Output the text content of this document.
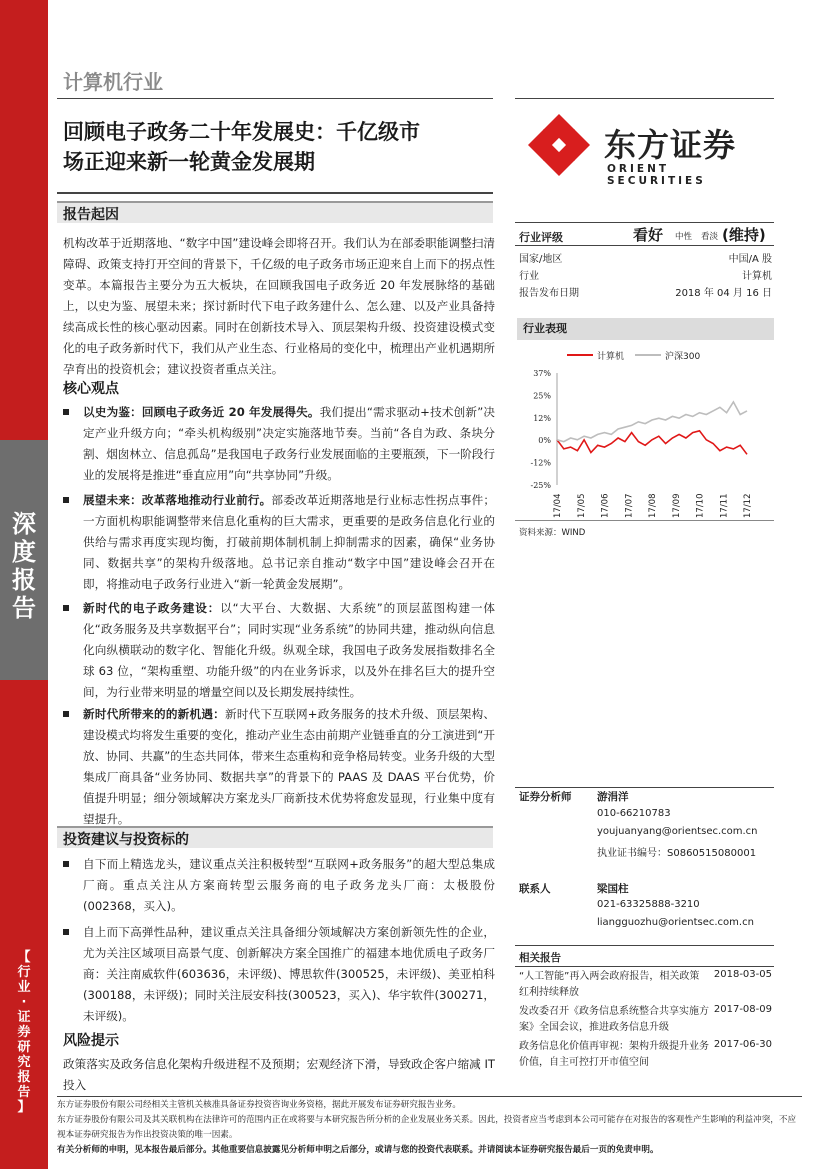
深
度
报
告
【
行
业
·
证
券
研
究
报
告
】
计算机行业
回顾电子政务二十年发展史：千亿级市
场正迎来新一轮黄金发展期	东方证券
ORIENT SECURITIES
报告起因
机构改革于近期落地、“数字中国”建设峰会即将召开。我们认为在部委职能调整扫清障碍、政策支持打开空间的背景下，千亿级的电子政务市场正迎来自上而下的拐点性变革。本篇报告主要分为五大板块，在回顾我国电子政务近 20 年发展脉络的基础上，以史为鉴、展望未来；探讨新时代下电子政务建什么、怎么建、以及产业具备持续高成长性的核心驱动因素。同时在创新技术导入、顶层架构升级、投资建设模式变化的电子政务新时代下，我们从产业生态、行业格局的变化中，梳理出产业机遇期所孕育出的投资机会；建议投资者重点关注。
核心观点
以史为鉴：回顾电子政务近 20 年发展得失。我们提出“需求驱动+技术创新”决定产业升级方向；“牵头机构级别”决定实施落地节奏。当前“各自为政、条块分割、烟囱林立、信息孤岛”是我国电子政务行业发展面临的主要瓶颈，下一阶段行业的发展将是推进“垂直应用”向“共享协同”升级。
展望未来：改革落地推动行业前行。部委改革近期落地是行业标志性拐点事件；一方面机构职能调整带来信息化重构的巨大需求，更重要的是政务信息化行业的供给与需求再度实现均衡，打破前期体制机制上抑制需求的因素，确保“业务协同、数据共享”的架构升级落地。总书记亲自推动“数字中国”建设峰会召开在即，将推动电子政务行业进入“新一轮黄金发展期”。
新时代的电子政务建设：以“大平台、大数据、大系统”的顶层蓝图构建一体化“政务服务及共享数据平台”；同时实现“业务系统”的协同共建，推动纵向信息化向纵横联动的数字化、智能化升级。纵观全球，我国电子政务发展指数排名全球 63 位，“架构重塑、功能升级”的内在业务诉求，以及外在排名巨大的提升空间，为行业带来明显的增量空间以及长期发展持续性。
新时代所带来的的新机遇：新时代下互联网+政务服务的技术升级、顶层架构、建设模式均将发生重要的变化，推动产业生态由前期产业链垂直的分工演进到“开放、协同、共赢”的生态共同体，带来生态重构和竞争格局转变。业务升级的大型集成厂商具备“业务协同、数据共享”的背景下的 PAAS 及 DAAS 平台优势，价值提升明显；细分领域解决方案龙头厂商新技术优势将愈发显现，行业集中度有望提升。
投资建议与投资标的
自下而上精选龙头，建议重点关注积极转型“互联网+政务服务”的超大型总集成厂商。重点关注从方案商转型云服务商的电子政务龙头厂商：太极股份(002368，买入)。
自上而下高弹性品种，建议重点关注具备细分领域解决方案创新领先性的企业，尤为关注区域项目高景气度、创新解决方案全国推广的福建本地优质电子政务厂商：关注南威软件(603636，未评级)、博思软件(300525，未评级)、美亚柏科(300188，未评级)；同时关注辰安科技(300523，买入)、华宇软件(300271，未评级)。
风险提示
政策落实及政务信息化架构升级进程不及预期；宏观经济下滑，导致政企客户缩减 IT 投入
行业评级	看好 中性 看淡 (维持)
国家/地区	中国/A 股
行业	计算机
报告发布日期	2018 年 04 月 16 日
行业表现
计算机	沪深300
37%
25%
12%
0%
-12%
-25%
17/04 17/05 17/06 17/07 17/08 17/09 17/10 17/11 17/12
资料来源：WIND
证券分析师 游涓洋
010-66210783
youjuanyang@orientsec.com.cn
执业证书编号：S0860515080001
联系人	梁国柱
021-63325888-3210
liangguozhu@orientsec.com.cn
相关报告
“人工智能”再入两会政府报告，相关政策红利持续释放
2018-03-05
发改委召开《政务信息系统整合共享实施方案》全国会议，推进政务信息升级
2017-08-09
政务信息化价值再审视：架构升级提升业务价值，自主可控打开市值空间
2017-06-30
东方证券股份有限公司经相关主管机关核准具备证券投资咨询业务资格，据此开展发布证券研究报告业务。
东方证券股份有限公司及其关联机构在法律许可的范围内正在或将要与本研究报告所分析的企业发展业务关系。因此，投资者应当考虑到本公司可能存在对报告的客观性产生影响的利益冲突，不应视本证券研究报告为作出投资决策的唯一因素。
有关分析师的申明，见本报告最后部分。其他重要信息披露见分析师申明之后部分，或请与您的投资代表联系。并请阅读本证券研究报告最后一页的免责申明。
